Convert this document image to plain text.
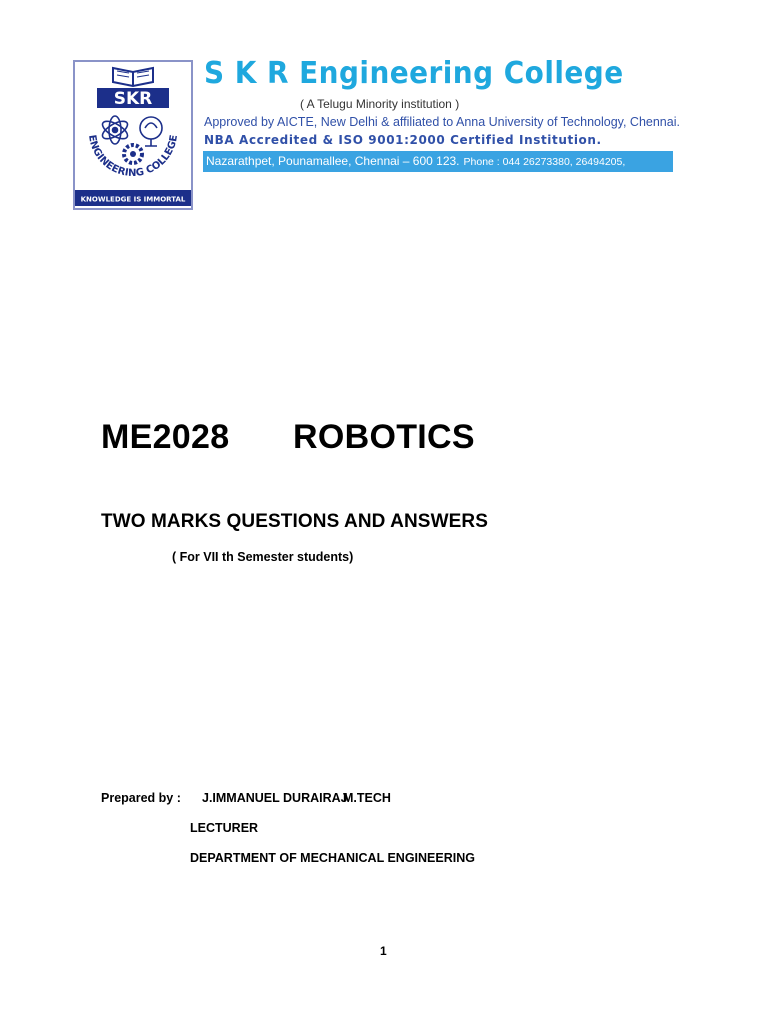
SKR
ENGINEERING COLLEGE
KNOWLEDGE IS IMMORTAL
S K R Engineering College
( A Telugu Minority institution )
Approved by AICTE, New Delhi & affiliated to Anna University of Technology, Chennai.
NBA Accredited & ISO 9001:2000 Certified Institution.
Nazarathpet, Pounamallee, Chennai – 600 123. Phone : 044 26273380, 26494205,
ME2028 ROBOTICS
TWO MARKS QUESTIONS AND ANSWERS
( For VII th Semester students)
Prepared by : J.IMMANUEL DURAIRAJ
M.TECH
LECTURER
DEPARTMENT OF MECHANICAL ENGINEERING
1
